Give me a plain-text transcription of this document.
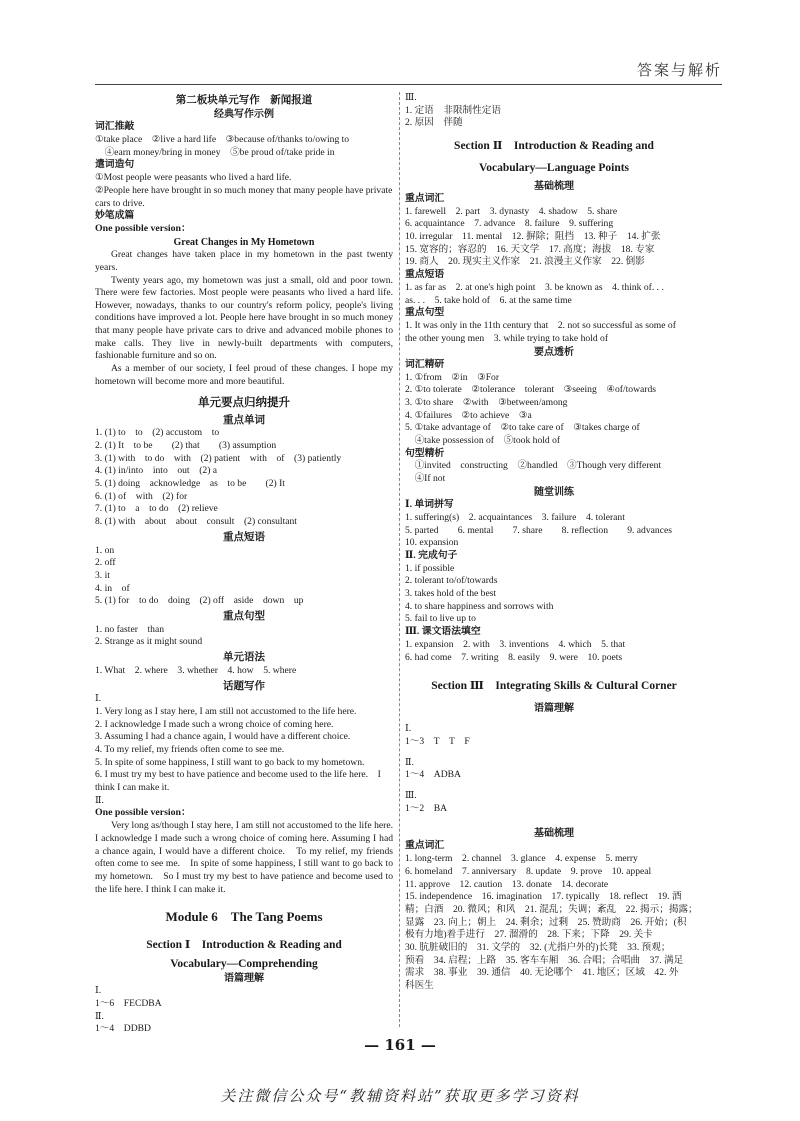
答案与解析
第二板块单元写作　新闻报道
经典写作示例
词汇推敲
①take place　②live a hard life　③because of/thanks to/owing to
　④earn money/bring in money　⑤be proud of/take pride in
遣词造句
①Most people were peasants who lived a hard life.
②People here have brought in so much money that many people have private cars to drive.
妙笔成篇
One possible version：
Great Changes in My Hometown
Great changes have taken place in my hometown in the past twenty years.
Twenty years ago, my hometown was just a small, old and poor town. There were few factories. Most people were peasants who lived a hard life. However, nowadays, thanks to our country's reform policy, people's living conditions have improved a lot. People here have brought in so much money that many people have private cars to drive and advanced mobile phones to make calls. They live in newly-built departments with computers, fashionable furniture and so on.
As a member of our society, I feel proud of these changes. I hope my hometown will become more and more beautiful.
单元要点归纳提升
重点单词
1. (1) to　to　(2) accustom　to
2. (1) It　to be　　(2) that　　(3) assumption
3. (1) with　to do　with　(2) patient　with　of　(3) patiently
4. (1) in/into　into　out　(2) a
5. (1) doing　acknowledge　as　to be　　(2) It
6. (1) of　with　(2) for
7. (1) to　a　to do　(2) relieve
8. (1) with　about　about　consult　(2) consultant
重点短语
1. on
2. off
3. it
4. in　of
5. (1) for　to do　doing　(2) off　aside　down　up
重点句型
1. no faster　than
2. Strange as it might sound
单元语法
1. What　2. where　3. whether　4. how　5. where
话题写作
Ⅰ.
1. Very long as I stay here, I am still not accustomed to the life here.
2. I acknowledge I made such a wrong choice of coming here.
3. Assuming I had a chance again, I would have a different choice.
4. To my relief, my friends often come to see me.
5. In spite of some happiness, I still want to go back to my hometown.
6. I must try my best to have patience and become used to the life here.　I think I can make it.
Ⅱ.
One possible version：
Very long as/though I stay here, I am still not accustomed to the life here. I acknowledge I made such a wrong choice of coming here. Assuming I had a chance again, I would have a different choice.　To my relief, my friends often come to see me.　In spite of some happiness, I still want to go back to my hometown.　So I must try my best to have patience and become used to the life here. I think I can make it.
Module 6　The Tang Poems
Section Ⅰ　Introduction & Reading and
Vocabulary—Comprehending
语篇理解
Ⅰ.
1～6　FECDBA
Ⅱ.
1～4　DDBD
Ⅲ.
1. 定语　非限制性定语
2. 原因　伴随
Section Ⅱ　Introduction & Reading and
Vocabulary—Language Points
基础梳理
重点词汇
1. farewell　2. part　3. dynasty　4. shadow　5. share
6. acquaintance　7. advance　8. failure　9. suffering
10. irregular　11. mental　12. 摒除；阻挡　13. 种子　14. 扩张
15. 宽容的；容忍的　16. 天文学　17. 高度；海拔　18. 专家
19. 商人　20. 现实主义作家　21. 浪漫主义作家　22. 倒影
重点短语
1. as far as　2. at one's high point　3. be known as　4. think of. . .
as. . .　5. take hold of　6. at the same time
重点句型
1. It was only in the 11th century that　2. not so successful as some of
the other young men　3. while trying to take hold of
要点透析
词汇精研
1. ①from　②in　③For
2. ①to tolerate　②tolerance　tolerant　③seeing　④of/towards
3. ①to share　②with　③between/among
4. ①failures　②to achieve　③a
5. ①take advantage of　②to take care of　③takes charge of
　④take possession of　⑤took hold of
句型精析
　①invited　constructing　②handled　③Though very different
　④If not
随堂训练
Ⅰ. 单词拼写
1. suffering(s)　2. acquaintances　3. failure　4. tolerant
5. parted　　6. mental　　7. share　　8. reflection　　9. advances
10. expansion
Ⅱ. 完成句子
1. if possible
2. tolerant to/of/towards
3. takes hold of the best
4. to share happiness and sorrows with
5. fail to live up to
Ⅲ. 课文语法填空
1. expansion　2. with　3. inventions　4. which　5. that
6. had come　7. writing　8. easily　9. were　10. poets
Section Ⅲ　Integrating Skills & Cultural Corner
语篇理解
Ⅰ.
1～3　T　T　F
Ⅱ.
1～4　ADBA
Ⅲ.
1～2　BA
基础梳理
重点词汇
1. long-term　2. channel　3. glance　4. expense　5. merry
6. homeland　7. anniversary　8. update　9. prove　10. appeal
11. approve　12. caution　13. donate　14. decorate
15. independence　16. imagination　17. typically　18. reflect　19. 酒
精；白酒　20. 微风；和风　21. 混乱；失调；紊乱　22. 揭示；揭露；
显露　23. 向上；朝上　24. 剩余；过剩　25. 赞助商　26. 开始；(积
极有力地)着手进行　27. 溜滑的　28. 下来；下降　29. 关卡
30. 肮脏破旧的　31. 文学的　32. (尤指户外的)长凳　33. 预观；
预看　34. 启程；上路　35. 客车车厢　36. 合唱；合唱曲　37. 满足
需求　38. 事业　39. 通信　40. 无论哪个　41. 地区；区域　42. 外
科医生
— 161 —
关注微信公众号“教辅资料站”获取更多学习资料
